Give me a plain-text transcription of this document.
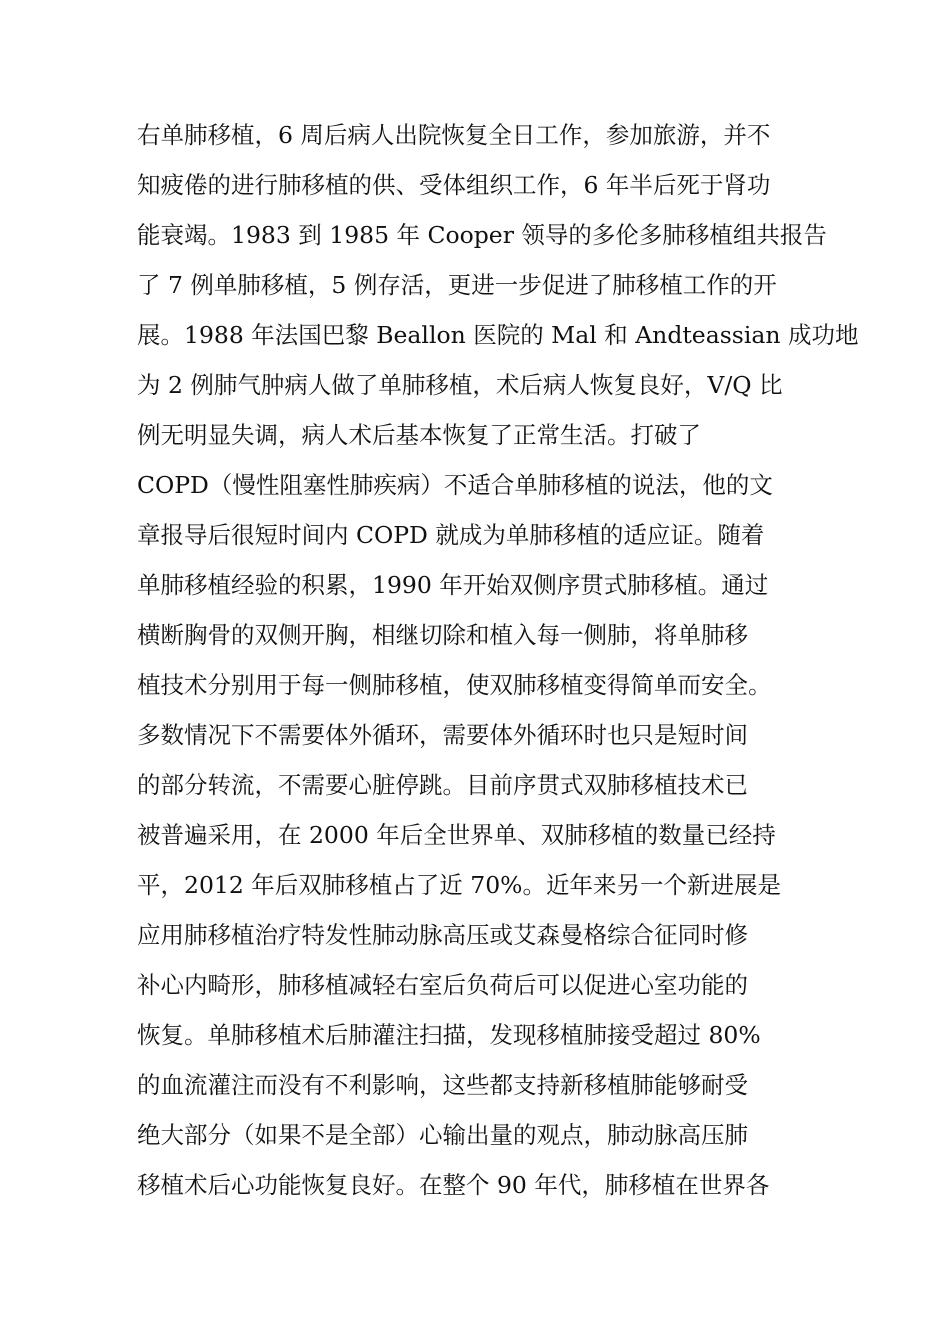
右单肺移植，6 周后病人出院恢复全日工作，参加旅游，并不
知疲倦的进行肺移植的供、受体组织工作，6 年半后死于肾功
能衰竭。1983 到 1985 年 Cooper 领导的多伦多肺移植组共报告
了 7 例单肺移植，5 例存活，更进一步促进了肺移植工作的开
展。1988 年法国巴黎 Beallon 医院的 Mal 和 Andteassian 成功地
为 2 例肺气肿病人做了单肺移植，术后病人恢复良好，V/Q 比
例无明显失调，病人术后基本恢复了正常生活。打破了
COPD（慢性阻塞性肺疾病）不适合单肺移植的说法，他的文
章报导后很短时间内 COPD 就成为单肺移植的适应证。随着
单肺移植经验的积累，1990 年开始双侧序贯式肺移植。通过
横断胸骨的双侧开胸，相继切除和植入每一侧肺，将单肺移
植技术分别用于每一侧肺移植，使双肺移植变得简单而安全。
多数情况下不需要体外循环，需要体外循环时也只是短时间
的部分转流，不需要心脏停跳。目前序贯式双肺移植技术已
被普遍采用，在 2000 年后全世界单、双肺移植的数量已经持
平，2012 年后双肺移植占了近 70%。近年来另一个新进展是
应用肺移植治疗特发性肺动脉高压或艾森曼格综合征同时修
补心内畸形，肺移植减轻右室后负荷后可以促进心室功能的
恢复。单肺移植术后肺灌注扫描，发现移植肺接受超过 80%
的血流灌注而没有不利影响，这些都支持新移植肺能够耐受
绝大部分（如果不是全部）心输出量的观点，肺动脉高压肺
移植术后心功能恢复良好。在整个 90 年代，肺移植在世界各
